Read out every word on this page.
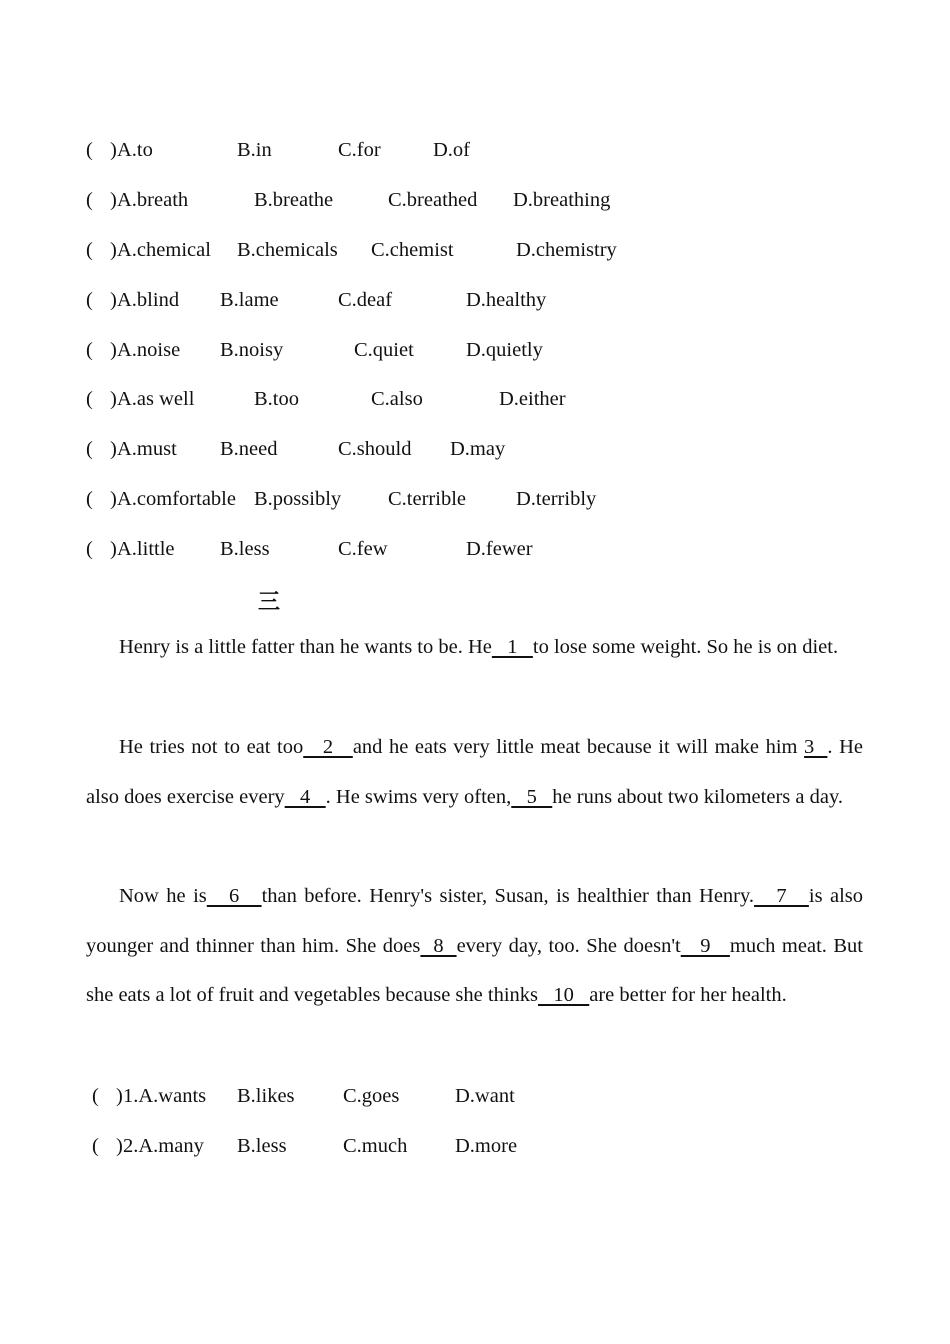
( ) A.to	B.in	C.for	D.of
( ) A.breath	B.breathe	C.breathed D.breathing
( ) A.chemical B.chemicals C.chemist	D.chemistry
( ) A.blind B.lame	C.deaf	D.healthy
( ) A.noise B.noisy	C.quiet	D.quietly
( ) A.as well	B.too	C.also	D.either
( ) A.must B.need	C.should D.may
( ) A.comfortable B.possibly C.terrible D.terribly
( ) A.little B.less	C.few	D.fewer
三

Henry is a little fatter than he wants to be. He   1   to lose some weight. So he is on diet.

He tries not to eat too   2   and he eats very little meat because it will make him 3  . He also does exercise every   4   . He swims very often,   5   he runs about two kilometers a day.

Now he is   6   than before. Henry's sister, Susan, is healthier than Henry.   7   is also younger and thinner than him. She does  8  every day, too. She doesn't   9   much meat. But she eats a lot of fruit and vegetables because she thinks   10   are better for her health.

( ) 1.A.wants B.likes C.goes	D.want
( ) 2.A.many B.less	C.much D.more
